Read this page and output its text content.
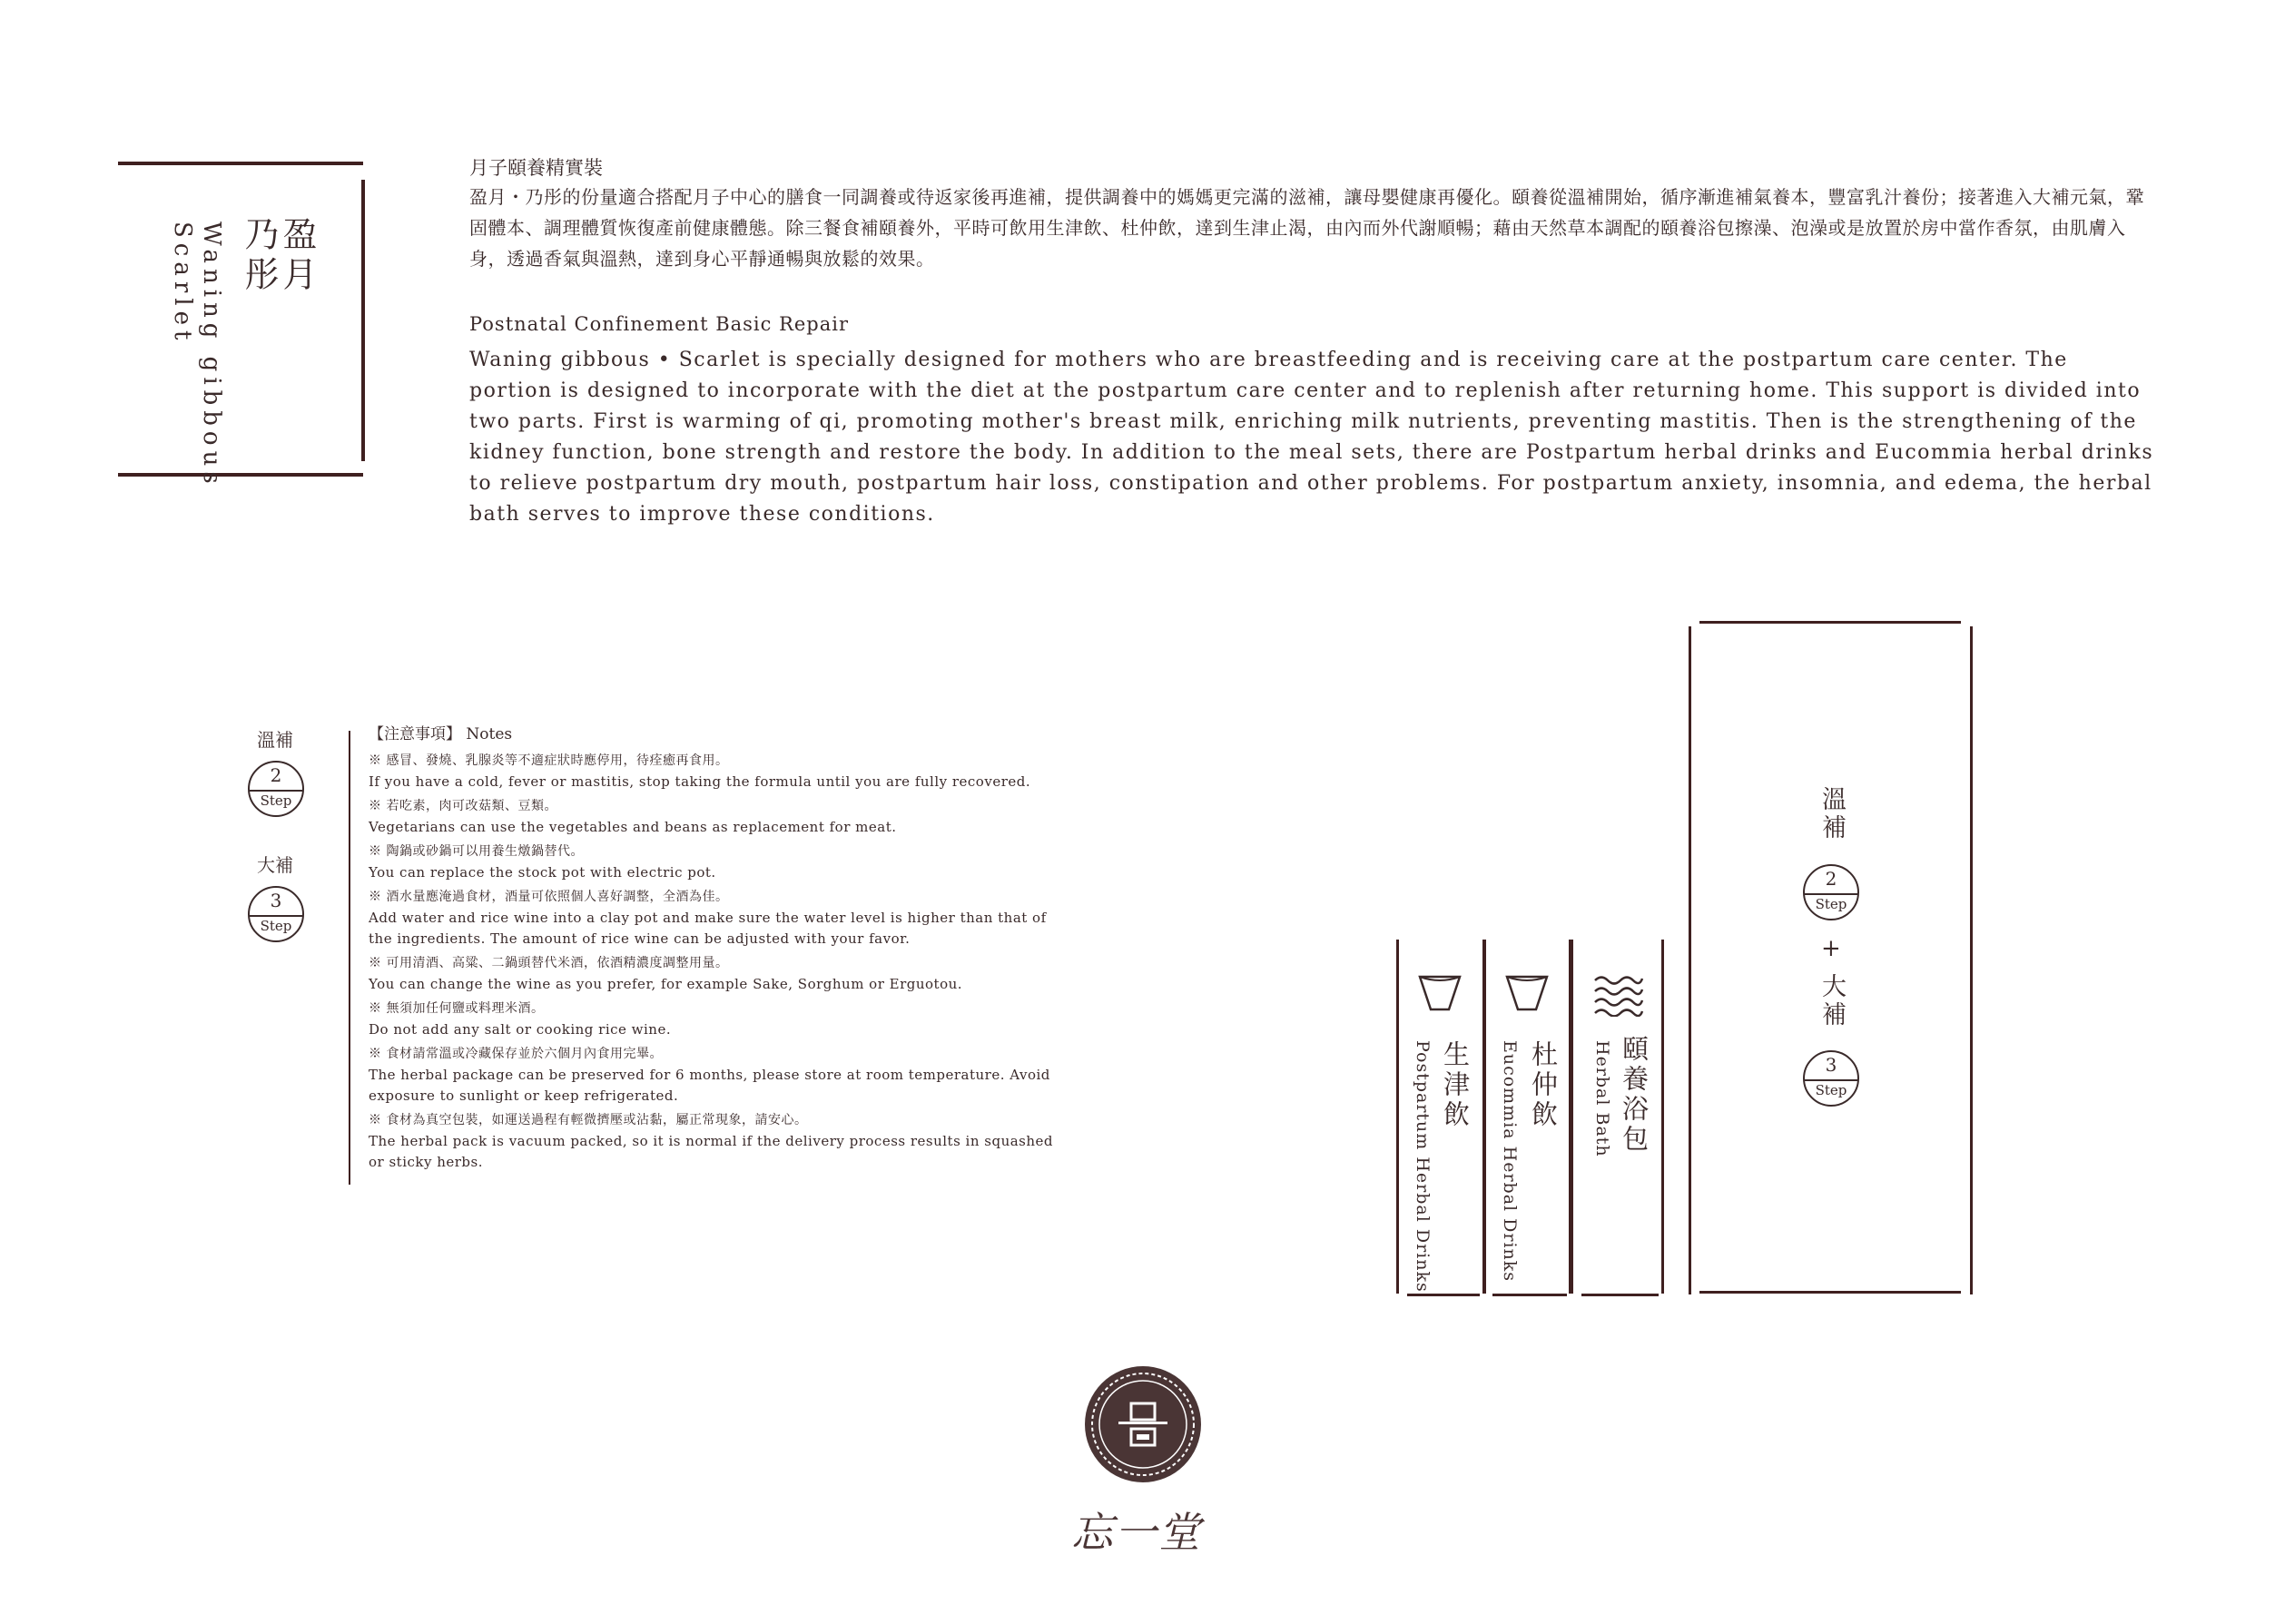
盈月
乃彤
Waning gibbous
Scarlet
月子頤養精實裝
盈月・乃彤的份量適合搭配月子中心的膳食一同調養或待返家後再進補，提供調養中的媽媽更完滿的滋補，讓母嬰健康再優化。頤養從溫補開始，循序漸進補氣養本，豐富乳汁養份；接著進入大補元氣，鞏固體本、調理體質恢復產前健康體態。除三餐食補頤養外，平時可飲用生津飲、杜仲飲，達到生津止渴，由內而外代謝順暢；藉由天然草本調配的頤養浴包擦澡、泡澡或是放置於房中當作香氛，由肌膚入身，透過香氣與溫熱，達到身心平靜通暢與放鬆的效果。
Postnatal Confinement Basic Repair
Waning gibbous • Scarlet is specially designed for mothers who are breastfeeding and is receiving care at the postpartum care center. The portion is designed to incorporate with the diet at the postpartum care center and to replenish after returning home. This support is divided into two parts. First is warming of qi, promoting mother's breast milk, enriching milk nutrients, preventing mastitis. Then is the strengthening of the kidney function, bone strength and restore the body. In addition to the meal sets, there are Postpartum herbal drinks and Eucommia herbal drinks to relieve postpartum dry mouth, postpartum hair loss, constipation and other problems. For postpartum anxiety, insomnia, and edema, the herbal bath serves to improve these conditions.
溫補
2
Step
大補
3
Step
【注意事項】 Notes

※ 感冒、發燒、乳腺炎等不適症狀時應停用，待痊癒再食用。

If you have a cold, fever or mastitis, stop taking the formula until you are fully recovered.

※ 若吃素，肉可改菇類、豆類。

Vegetarians can use the vegetables and beans as replacement for meat.

※ 陶鍋或砂鍋可以用養生燉鍋替代。

You can replace the stock pot with electric pot.

※ 酒水量應淹過食材，酒量可依照個人喜好調整，全酒為佳。

Add water and rice wine into a clay pot and make sure the water level is higher than that of the ingredients. The amount of rice wine can be adjusted with your favor.

※ 可用清酒、高粱、二鍋頭替代米酒，依酒精濃度調整用量。

You can change the wine as you prefer, for example Sake, Sorghum or Erguotou.

※ 無須加任何鹽或料理米酒。

Do not add any salt or cooking rice wine.

※ 食材請常溫或冷藏保存並於六個月內食用完畢。

The herbal package can be preserved for 6 months, please store at room temperature. Avoid exposure to sunlight or keep refrigerated.

※ 食材為真空包裝，如運送過程有輕微擠壓或沾黏，屬正常現象，請安心。

The herbal pack is vacuum packed, so it is normal if the delivery process results in squashed or sticky herbs.

生津飲
Postpartum Herbal Drinks	杜仲飲
Eucommia Herbal Drinks	頤養浴包
Herbal Bath
溫補
2
Step
+
大補
3
Step
忘一堂
